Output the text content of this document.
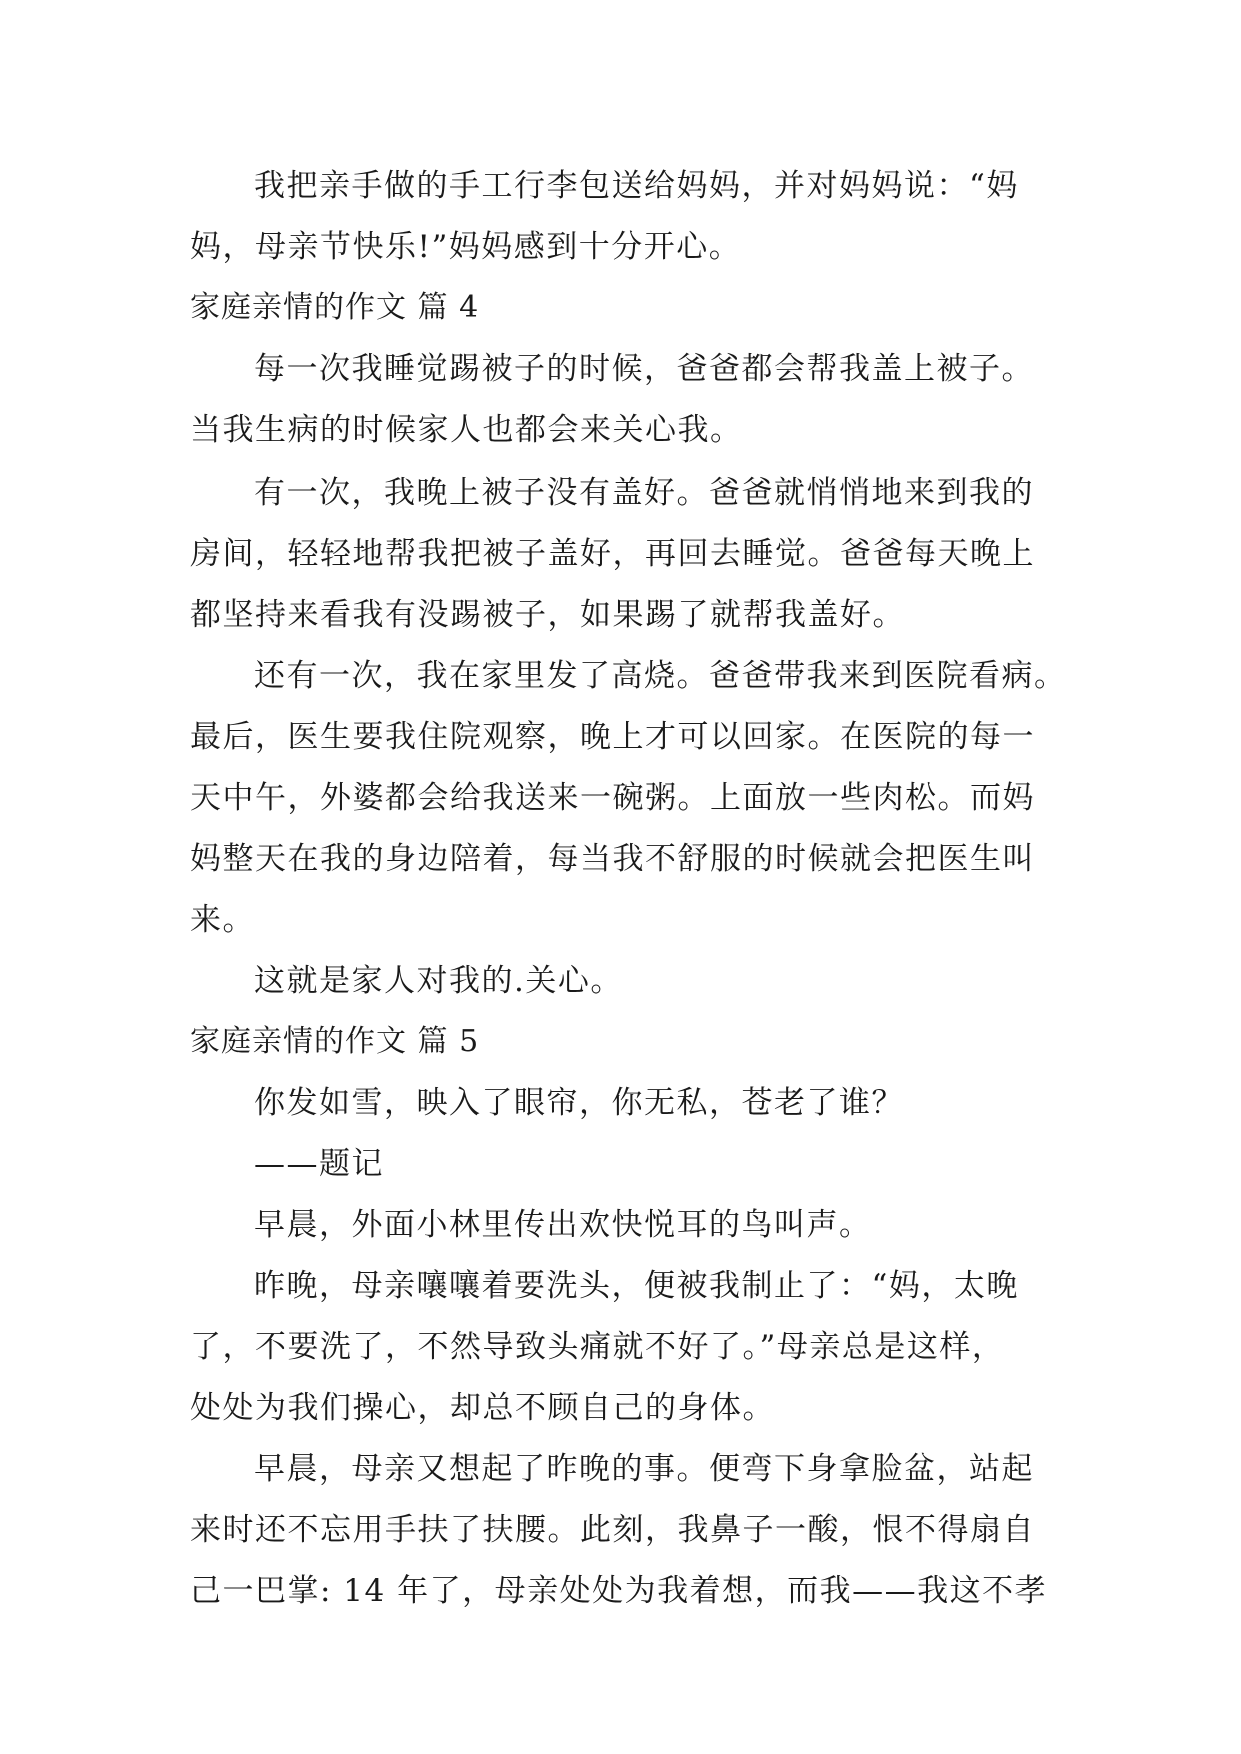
我把亲手做的手工行李包送给妈妈，并对妈妈说：“妈
妈，母亲节快乐!”妈妈感到十分开心。
家庭亲情的作文 篇 4
每一次我睡觉踢被子的时候，爸爸都会帮我盖上被子。
当我生病的时候家人也都会来关心我。
有一次，我晚上被子没有盖好。爸爸就悄悄地来到我的
房间，轻轻地帮我把被子盖好，再回去睡觉。爸爸每天晚上
都坚持来看我有没踢被子，如果踢了就帮我盖好。
还有一次，我在家里发了高烧。爸爸带我来到医院看病。
最后，医生要我住院观察，晚上才可以回家。在医院的每一
天中午，外婆都会给我送来一碗粥。上面放一些肉松。而妈
妈整天在我的身边陪着，每当我不舒服的时候就会把医生叫
来。
这就是家人对我的.关心。
家庭亲情的作文 篇 5
你发如雪，映入了眼帘，你无私，苍老了谁？
——题记
早晨，外面小林里传出欢快悦耳的鸟叫声。
昨晚，母亲嚷嚷着要洗头，便被我制止了：“妈，太晚
了，不要洗了，不然导致头痛就不好了。”母亲总是这样，
处处为我们操心，却总不顾自己的身体。
早晨，母亲又想起了昨晚的事。便弯下身拿脸盆，站起
来时还不忘用手扶了扶腰。此刻，我鼻子一酸，恨不得扇自
己一巴掌: 14 年了，母亲处处为我着想，而我——我这不孝
